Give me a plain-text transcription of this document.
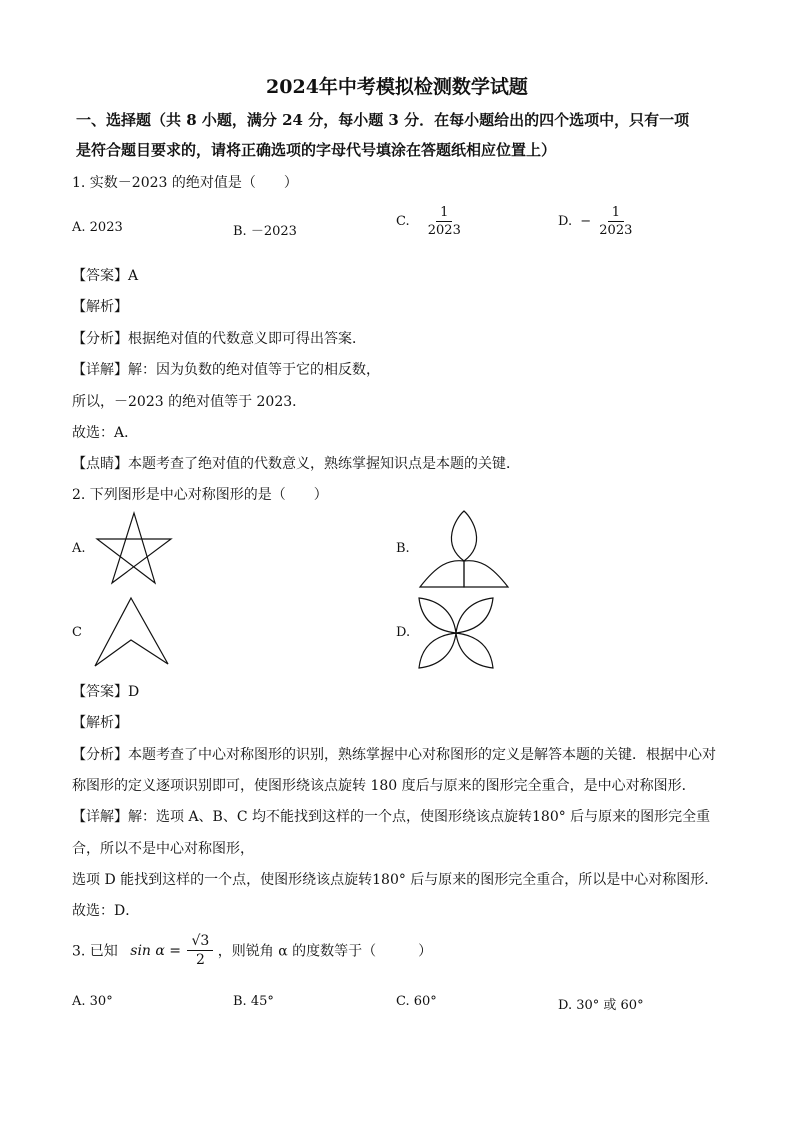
2024年中考模拟检测数学试题
一、选择题（共 8 小题，满分 24 分，每小题 3 分．在每小题给出的四个选项中，只有一项
是符合题目要求的，请将正确选项的字母代号填涂在答题纸相应位置上）
1. 实数－2023 的绝对值是（　　）
A. 2023	B. －2023
C. $\frac{1}{2023}$	D. − $\frac{1}{2023}$
【答案】A
【解析】
【分析】根据绝对值的代数意义即可得出答案．
【详解】解：因为负数的绝对值等于它的相反数，
所以，－2023 的绝对值等于 2023．
故选：A．
【点睛】本题考查了绝对值的代数意义，熟练掌握知识点是本题的关键．
2. 下列图形是中心对称图形的是（　　）
A.	B.
C	D.
【答案】D
【解析】
【分析】本题考查了中心对称图形的识别，熟练掌握中心对称图形的定义是解答本题的关键．根据中心对
称图形的定义逐项识别即可，使图形绕该点旋转 180 度后与原来的图形完全重合，是中心对称图形．
【详解】解：选项 A、B、C 均不能找到这样的一个点，使图形绕该点旋转180° 后与原来的图形完全重
合，所以不是中心对称图形，
选项 D 能找到这样的一个点，使图形绕该点旋转180° 后与原来的图形完全重合，所以是中心对称图形．
故选：D．
3. 已知 $\sin \alpha = \frac{√3}{2}$ ，则锐角 α 的度数等于（　　　）
A. 30°	B. 45°	C. 60°	D. 30° 或 60°
